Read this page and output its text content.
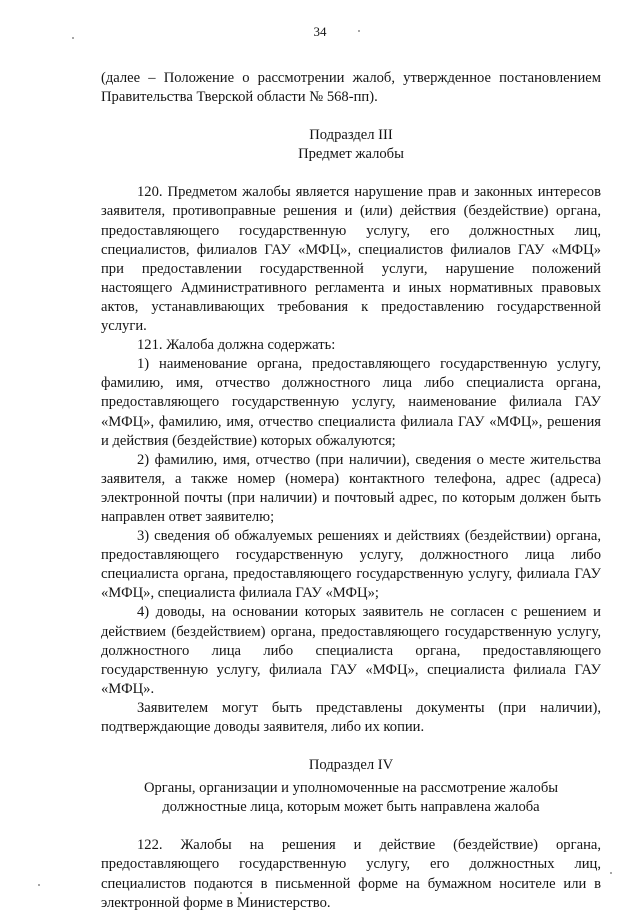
34

(далее – Положение о рассмотрении жалоб, утвержденное постановлением Правительства Тверской области № 568-пп).

Подраздел III
Предмет жалобы

120. Предметом жалобы является нарушение прав и законных интересов заявителя, противоправные решения и (или) действия (бездействие) органа, предоставляющего государственную услугу, его должностных лиц, специалистов, филиалов ГАУ «МФЦ», специалистов филиалов ГАУ «МФЦ» при предоставлении государственной услуги, нарушение положений настоящего Административного регламента и иных нормативных правовых актов, устанавливающих требования к предоставлению государственной услуги.

121. Жалоба должна содержать:

1) наименование органа, предоставляющего государственную услугу, фамилию, имя, отчество должностного лица либо специалиста органа, предоставляющего государственную услугу, наименование филиала ГАУ «МФЦ», фамилию, имя, отчество специалиста филиала ГАУ «МФЦ», решения и действия (бездействие) которых обжалуются;

2) фамилию, имя, отчество (при наличии), сведения о месте жительства заявителя, а также номер (номера) контактного телефона, адрес (адреса) электронной почты (при наличии) и почтовый адрес, по которым должен быть направлен ответ заявителю;

3) сведения об обжалуемых решениях и действиях (бездействии) органа, предоставляющего государственную услугу, должностного лица либо специалиста органа, предоставляющего государственную услугу, филиала ГАУ «МФЦ», специалиста филиала ГАУ «МФЦ»;

4) доводы, на основании которых заявитель не согласен с решением и действием (бездействием) органа, предоставляющего государственную услугу, должностного лица либо специалиста органа, предоставляющего государственную услугу, филиала ГАУ «МФЦ», специалиста филиала ГАУ «МФЦ».

Заявителем могут быть представлены документы (при наличии), подтверждающие доводы заявителя, либо их копии.

Подраздел IV
Органы, организации и уполномоченные на рассмотрение жалобы
должностные лица, которым может быть направлена жалоба

122. Жалобы на решения и действие (бездействие) органа, предоставляющего государственную услугу, его должностных лиц, специалистов подаются в письменной форме на бумажном носителе или в электронной форме в Министерство.
